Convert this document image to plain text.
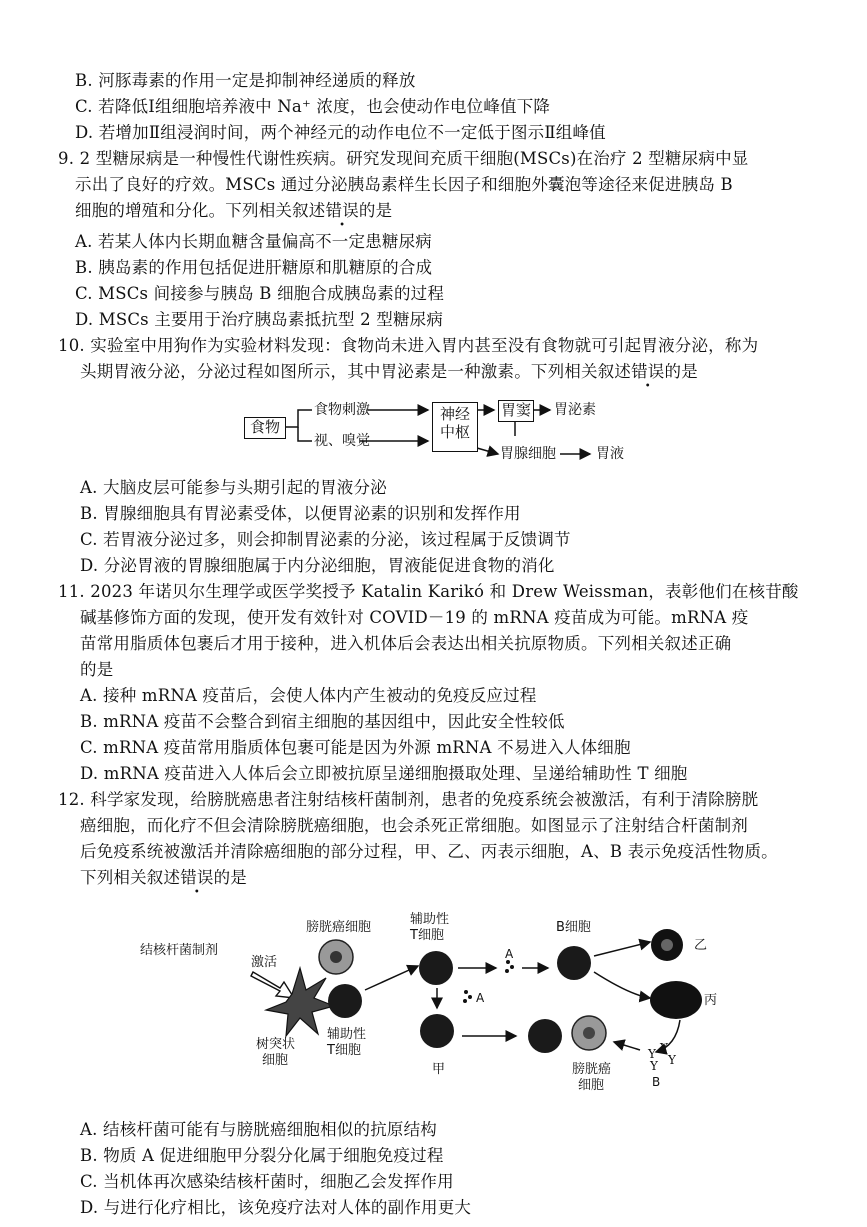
B. 河豚毒素的作用一定是抑制神经递质的释放
C. 若降低Ⅰ组细胞培养液中 Na⁺ 浓度，也会使动作电位峰值下降
D. 若增加Ⅱ组浸润时间，两个神经元的动作电位不一定低于图示Ⅱ组峰值
9. 2 型糖尿病是一种慢性代谢性疾病。研究发现间充质干细胞(MSCs)在治疗 2 型糖尿病中显
示出了良好的疗效。MSCs 通过分泌胰岛素样生长因子和细胞外囊泡等途径来促进胰岛 B
细胞的增殖和分化。下列相关叙述错误的是
A. 若某人体内长期血糖含量偏高不一定患糖尿病
B. 胰岛素的作用包括促进肝糖原和肌糖原的合成
C. MSCs 间接参与胰岛 B 细胞合成胰岛素的过程
D. MSCs 主要用于治疗胰岛素抵抗型 2 型糖尿病
10. 实验室中用狗作为实验材料发现：食物尚未进入胃内甚至没有食物就可引起胃液分泌，称为
头期胃液分泌，分泌过程如图所示，其中胃泌素是一种激素。下列相关叙述错误的是
食物
食物刺激
视、嗅觉
神经中枢
胃窦 胃泌素
胃腺细胞	胃液
A. 大脑皮层可能参与头期引起的胃液分泌
B. 胃腺细胞具有胃泌素受体，以便胃泌素的识别和发挥作用
C. 若胃液分泌过多，则会抑制胃泌素的分泌，该过程属于反馈调节
D. 分泌胃液的胃腺细胞属于内分泌细胞，胃液能促进食物的消化
11. 2023 年诺贝尔生理学或医学奖授予 Katalin Karikó 和 Drew Weissman，表彰他们在核苷酸
碱基修饰方面的发现，使开发有效针对 COVID－19 的 mRNA 疫苗成为可能。mRNA 疫
苗常用脂质体包裹后才用于接种，进入机体后会表达出相关抗原物质。下列相关叙述正确
的是
A. 接种 mRNA 疫苗后，会使人体内产生被动的免疫反应过程
B. mRNA 疫苗不会整合到宿主细胞的基因组中，因此安全性较低
C. mRNA 疫苗常用脂质体包裹可能是因为外源 mRNA 不易进入人体细胞
D. mRNA 疫苗进入人体后会立即被抗原呈递细胞摄取处理、呈递给辅助性 T 细胞
12. 科学家发现，给膀胱癌患者注射结核杆菌制剂，患者的免疫系统会被激活，有利于清除膀胱
癌细胞，而化疗不但会清除膀胱癌细胞，也会杀死正常细胞。如图显示了注射结合杆菌制剂
后免疫系统被激活并清除癌细胞的部分过程，甲、乙、丙表示细胞，A、B 表示免疫活性物质。
下列相关叙述错误的是
Y Y
Y
Y
结核杆菌制剂
激活
膀胱癌细胞
辅助性
T细胞
B细胞
乙
丙
树突状
细胞
辅助性
T细胞
甲	膀胱癌
细胞
A
A
B
A. 结核杆菌可能有与膀胱癌细胞相似的抗原结构
B. 物质 A 促进细胞甲分裂分化属于细胞免疫过程
C. 当机体再次感染结核杆菌时，细胞乙会发挥作用
D. 与进行化疗相比，该免疫疗法对人体的副作用更大
